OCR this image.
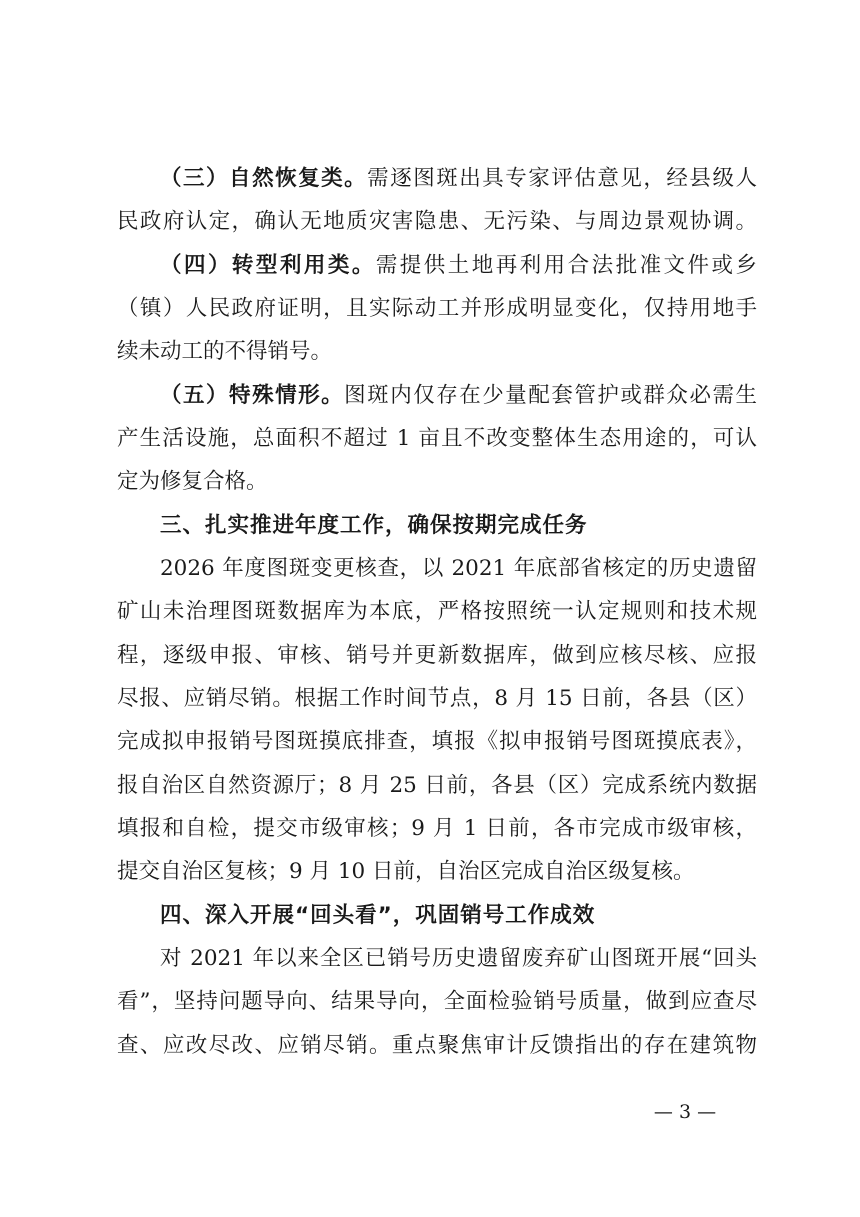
（三）自然恢复类。需逐图斑出具专家评估意见，经县级人
民政府认定，确认无地质灾害隐患、无污染、与周边景观协调。
（四）转型利用类。需提供土地再利用合法批准文件或乡
（镇）人民政府证明，且实际动工并形成明显变化，仅持用地手
续未动工的不得销号。
（五）特殊情形。图斑内仅存在少量配套管护或群众必需生
产生活设施，总面积不超过 1 亩且不改变整体生态用途的，可认
定为修复合格。
三、扎实推进年度工作，确保按期完成任务
2026 年度图斑变更核查，以 2021 年底部省核定的历史遗留
矿山未治理图斑数据库为本底，严格按照统一认定规则和技术规
程，逐级申报、审核、销号并更新数据库，做到应核尽核、应报
尽报、应销尽销。根据工作时间节点，8 月 15 日前，各县（区）
完成拟申报销号图斑摸底排查，填报《拟申报销号图斑摸底表》，
报自治区自然资源厅；8 月 25 日前，各县（区）完成系统内数据
填报和自检，提交市级审核；9 月 1 日前，各市完成市级审核，
提交自治区复核；9 月 10 日前，自治区完成自治区级复核。
四、深入开展“回头看”，巩固销号工作成效
对 2021 年以来全区已销号历史遗留废弃矿山图斑开展“回头
看”，坚持问题导向、结果导向，全面检验销号质量，做到应查尽
查、应改尽改、应销尽销。重点聚焦审计反馈指出的存在建筑物
— 3 —
